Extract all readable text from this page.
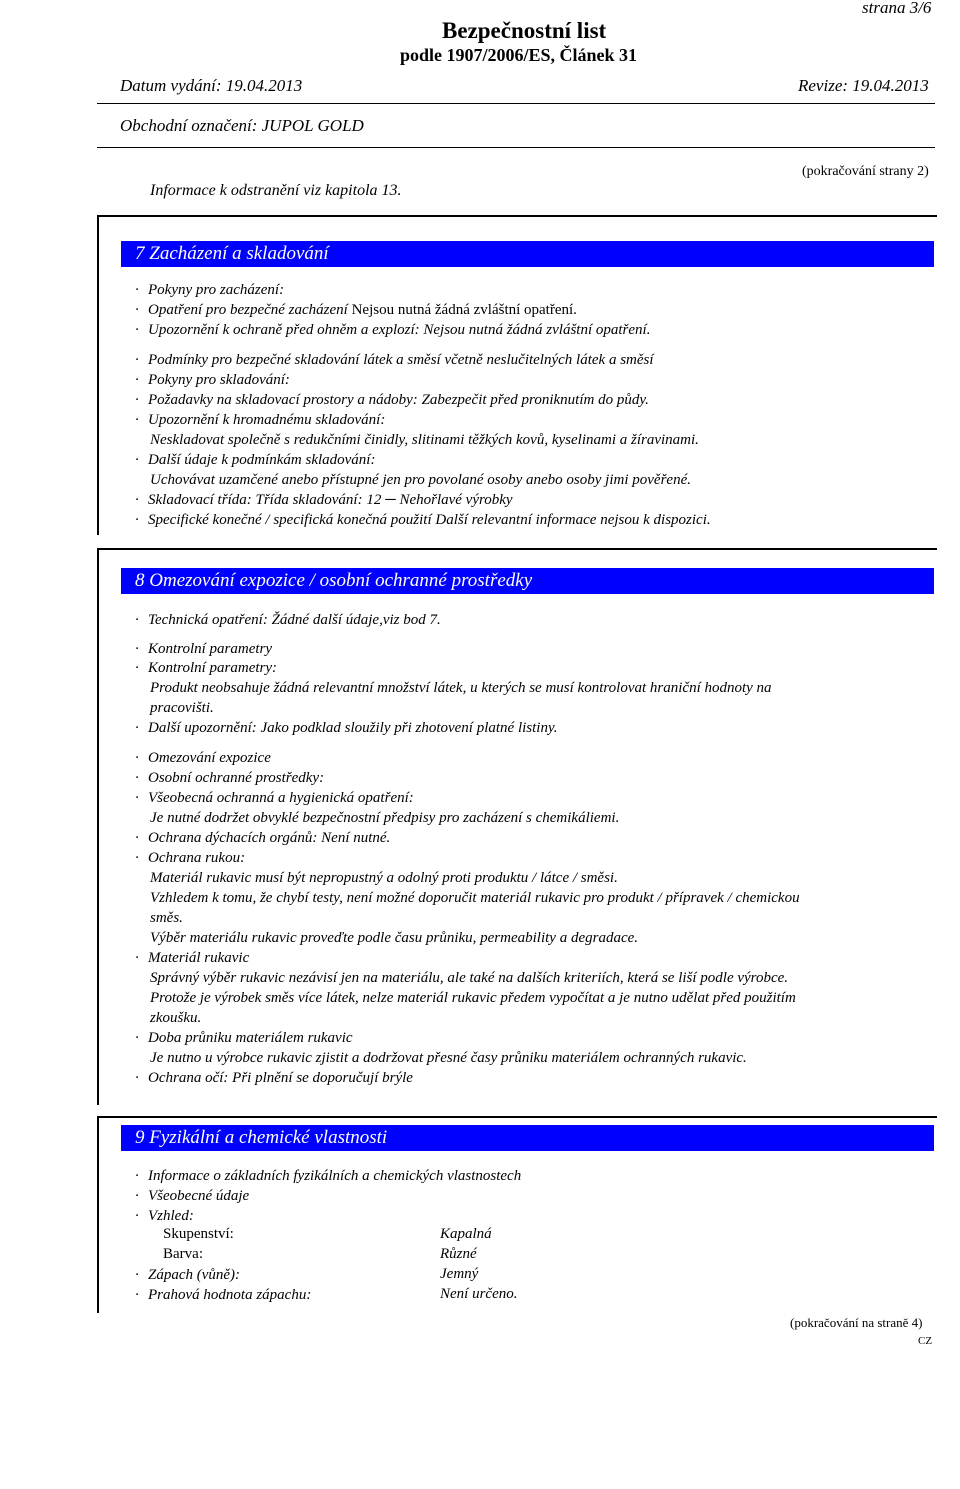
strana 3/6
Bezpečnostní list
podle 1907/2006/ES, Článek 31
Datum vydání: 19.04.2013	Revize: 19.04.2013
Obchodní označení: JUPOL GOLD
(pokračování strany 2)
Informace k odstranění viz kapitola 13.
7 Zacházení a skladování
· Pokyny pro zacházení:
· Opatření pro bezpečné zacházení Nejsou nutná žádná zvláštní opatření.
· Upozornění k ochraně před ohněm a explozí: Nejsou nutná žádná zvláštní opatření.
· Podmínky pro bezpečné skladování látek a směsí včetně neslučitelných látek a směsí
· Pokyny pro skladování:
· Požadavky na skladovací prostory a nádoby: Zabezpečit před proniknutím do půdy.
· Upozornění k hromadnému skladování:
Neskladovat společně s redukčními činidly, slitinami těžkých kovů, kyselinami a žíravinami.
· Další údaje k podmínkám skladování:
Uchovávat uzamčené anebo přístupné jen pro povolané osoby anebo osoby jimi pověřené.
· Skladovací třída: Třída skladování: 12 ─ Nehořlavé výrobky
· Specifické konečné / specifická konečná použití Další relevantní informace nejsou k dispozici.
8 Omezování expozice / osobní ochranné prostředky
· Technická opatření: Žádné další údaje,viz bod 7.
· Kontrolní parametry
· Kontrolní parametry:
Produkt neobsahuje žádná relevantní množství látek, u kterých se musí kontrolovat hraniční hodnoty na
pracovišti.
· Další upozornění: Jako podklad sloužily při zhotovení platné listiny.
· Omezování expozice
· Osobní ochranné prostředky:
· Všeobecná ochranná a hygienická opatření:
Je nutné dodržet obvyklé bezpečnostní předpisy pro zacházení s chemikáliemi.
· Ochrana dýchacích orgánů: Není nutné.
· Ochrana rukou:
Materiál rukavic musí být nepropustný a odolný proti produktu / látce / směsi.
Vzhledem k tomu, že chybí testy, není možné doporučit materiál rukavic pro produkt / přípravek / chemickou
směs.
Výběr materiálu rukavic proveďte podle času průniku, permeability a degradace.
· Materiál rukavic
Správný výběr rukavic nezávisí jen na materiálu, ale také na dalších kriteriích, která se liší podle výrobce.
Protože je výrobek směs více látek, nelze materiál rukavic předem vypočítat a je nutno udělat před použitím
zkoušku.
· Doba průniku materiálem rukavic
Je nutno u výrobce rukavic zjistit a dodržovat přesné časy průniku materiálem ochranných rukavic.
· Ochrana očí: Při plnění se doporučují brýle
9 Fyzikální a chemické vlastnosti
· Informace o základních fyzikálních a chemických vlastnostech
· Všeobecné údaje
· Vzhled:
Skupenství:	Kapalná
Barva:	Různé
· Zápach (vůně):	Jemný
· Prahová hodnota zápachu:	Není určeno.
(pokračování na straně 4)
CZ
